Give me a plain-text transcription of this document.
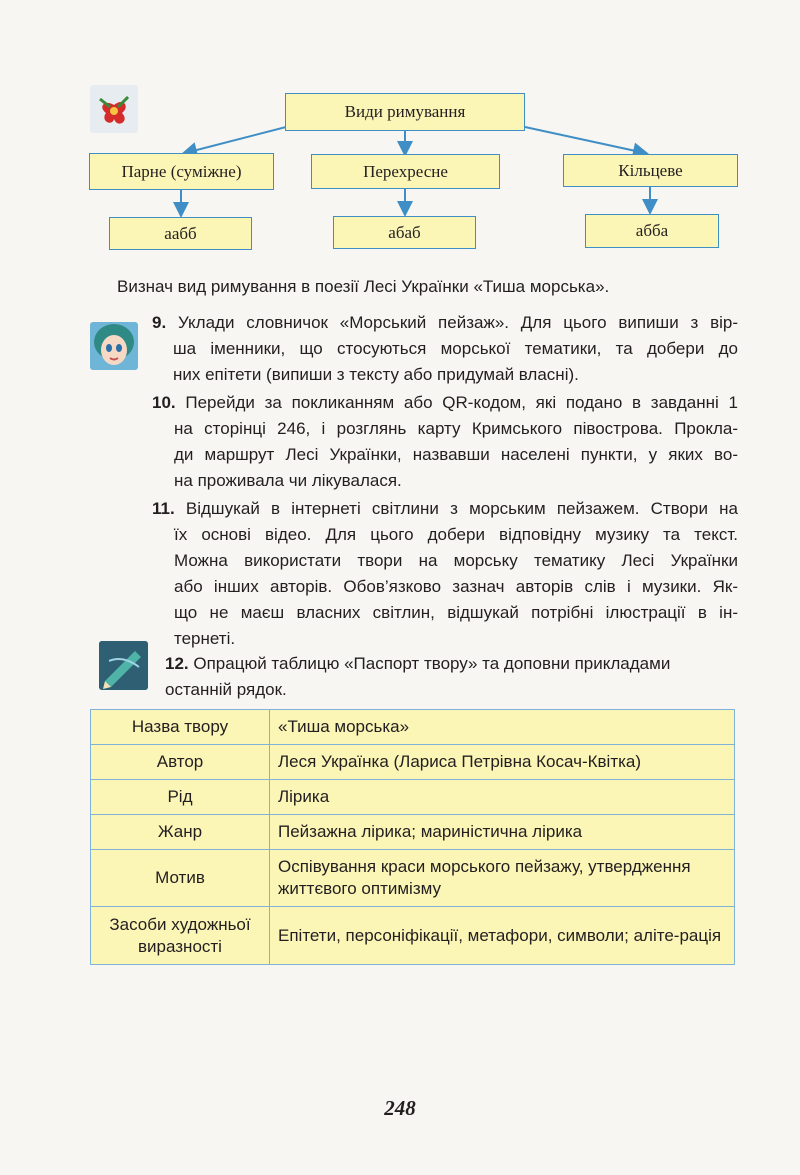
Види римування
Парне (суміжне)	Перехресне	Кільцеве
аабб	абаб	абба
Визнач вид римування в поезії Лесі Українки «Тиша морська».
9. Уклади словничок «Морський пейзаж». Для цього випиши з вір-
ша іменники, що стосуються морської тематики, та добери до
них епітети (випиши з тексту або придумай власні).
10. Перейди за покликанням або QR-кодом, які подано в завданні 1
на сторінці 246, і розглянь карту Кримського півострова. Прокла-
ди маршрут Лесі Українки, назвавши населені пункти, у яких во-
на проживала чи лікувалася.
11. Відшукай в інтернеті світлини з морським пейзажем. Створи на
їх основі відео. Для цього добери відповідну музику та текст.
Можна використати твори на морську тематику Лесі Українки
або інших авторів. Обов’язково зазнач авторів слів і музики. Як-
що не маєш власних світлин, відшукай потрібні ілюстрації в ін-
тернеті.
12. Опрацюй таблицю «Паспорт твору» та доповни прикладами
останній рядок.
Назва твору	«Тиша морська»
Автор	Леся Українка (Лариса Петрівна Косач-Квітка)
Рід	Лірика
Жанр	Пейзажна лірика; мариністична лірика
Мотив	Оспівування краси морського пейзажу, утвердження життєвого оптимізму
Засоби художньої виразності	Епітети, персоніфікації, метафори, символи; аліте-рація
248
